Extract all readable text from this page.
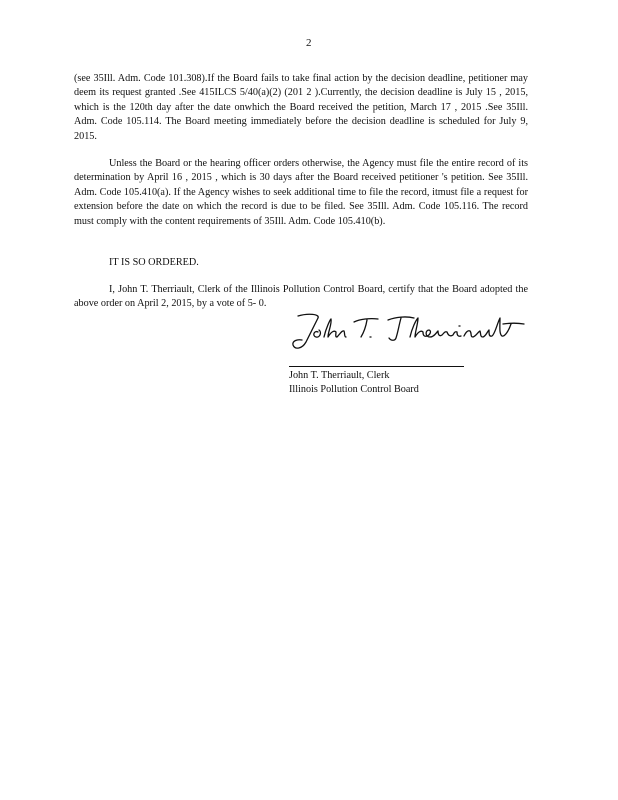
2

(see 35Ill. Adm. Code 101.308).If the Board fails to take final action by the decision deadline, petitioner may deem its request granted .See 415ILCS 5/40(a)(2) (201 2 ).Currently, the decision deadline is July 15 , 2015, which is the 120th day after the date onwhich the Board received the petition, March 17 , 2015 .See 35Ill. Adm. Code 105.114. The Board meeting immediately before the decision deadline is scheduled for July 9, 2015.

Unless the Board or the hearing officer orders otherwise, the Agency must file the entire record of its determination by April 16 , 2015 , which is 30 days after the Board received petitioner 's petition. See 35Ill. Adm. Code 105.410(a). If the Agency wishes to seek additional time to file the record, itmust file a request for extension before the date on which the record is due to be filed. See 35Ill. Adm. Code 105.116. The record must comply with the content requirements of 35Ill. Adm. Code 105.410(b).

IT IS SO ORDERED.

I, John T. Therriault, Clerk of the Illinois Pollution Control Board, certify that the Board adopted the above order on April 2, 2015, by a vote of 5- 0.

John T. Therriault, Clerk
Illinois Pollution Control Board
